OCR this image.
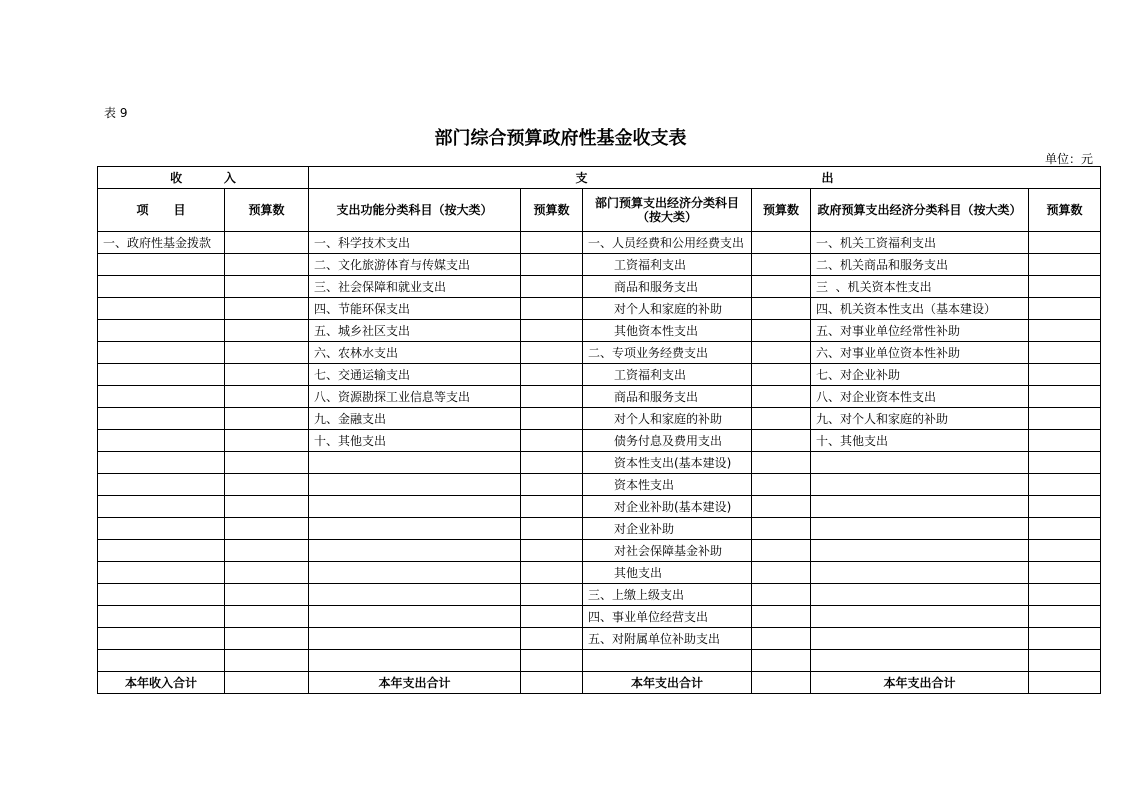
表 9
部门综合预算政府性基金收支表
单位：元
收          入		支                                                        出					
项      目	预算数	支出功能分类科目（按大类）	预算数	部门预算支出经济分类科目
（按大类）	预算数	政府预算支出经济分类科目（按大类）	预算数
一、政府性基金拨款		一、科学技术支出		一、人员经费和公用经费支出		一、机关工资福利支出	
		二、文化旅游体育与传媒支出		工资福利支出		二、机关商品和服务支出	
		三、社会保障和就业支出		商品和服务支出		三  、机关资本性支出	
		四、节能环保支出		对个人和家庭的补助		四、机关资本性支出（基本建设）	
		五、城乡社区支出		其他资本性支出		五、对事业单位经常性补助	
		六、农林水支出		二、专项业务经费支出		六、对事业单位资本性补助	
		七、交通运输支出		工资福利支出		七、对企业补助	
		八、资源勘探工业信息等支出		商品和服务支出		八、对企业资本性支出	
		九、金融支出		对个人和家庭的补助		九、对个人和家庭的补助	
		十、其他支出		债务付息及费用支出		十、其他支出	
				资本性支出(基本建设)			
				资本性支出			
				对企业补助(基本建设)			
				对企业补助			
				对社会保障基金补助			
				其他支出			
				三、上缴上级支出			
				四、事业单位经营支出			
				五、对附属单位补助支出			

本年收入合计		本年支出合计		本年支出合计		本年支出合计	
